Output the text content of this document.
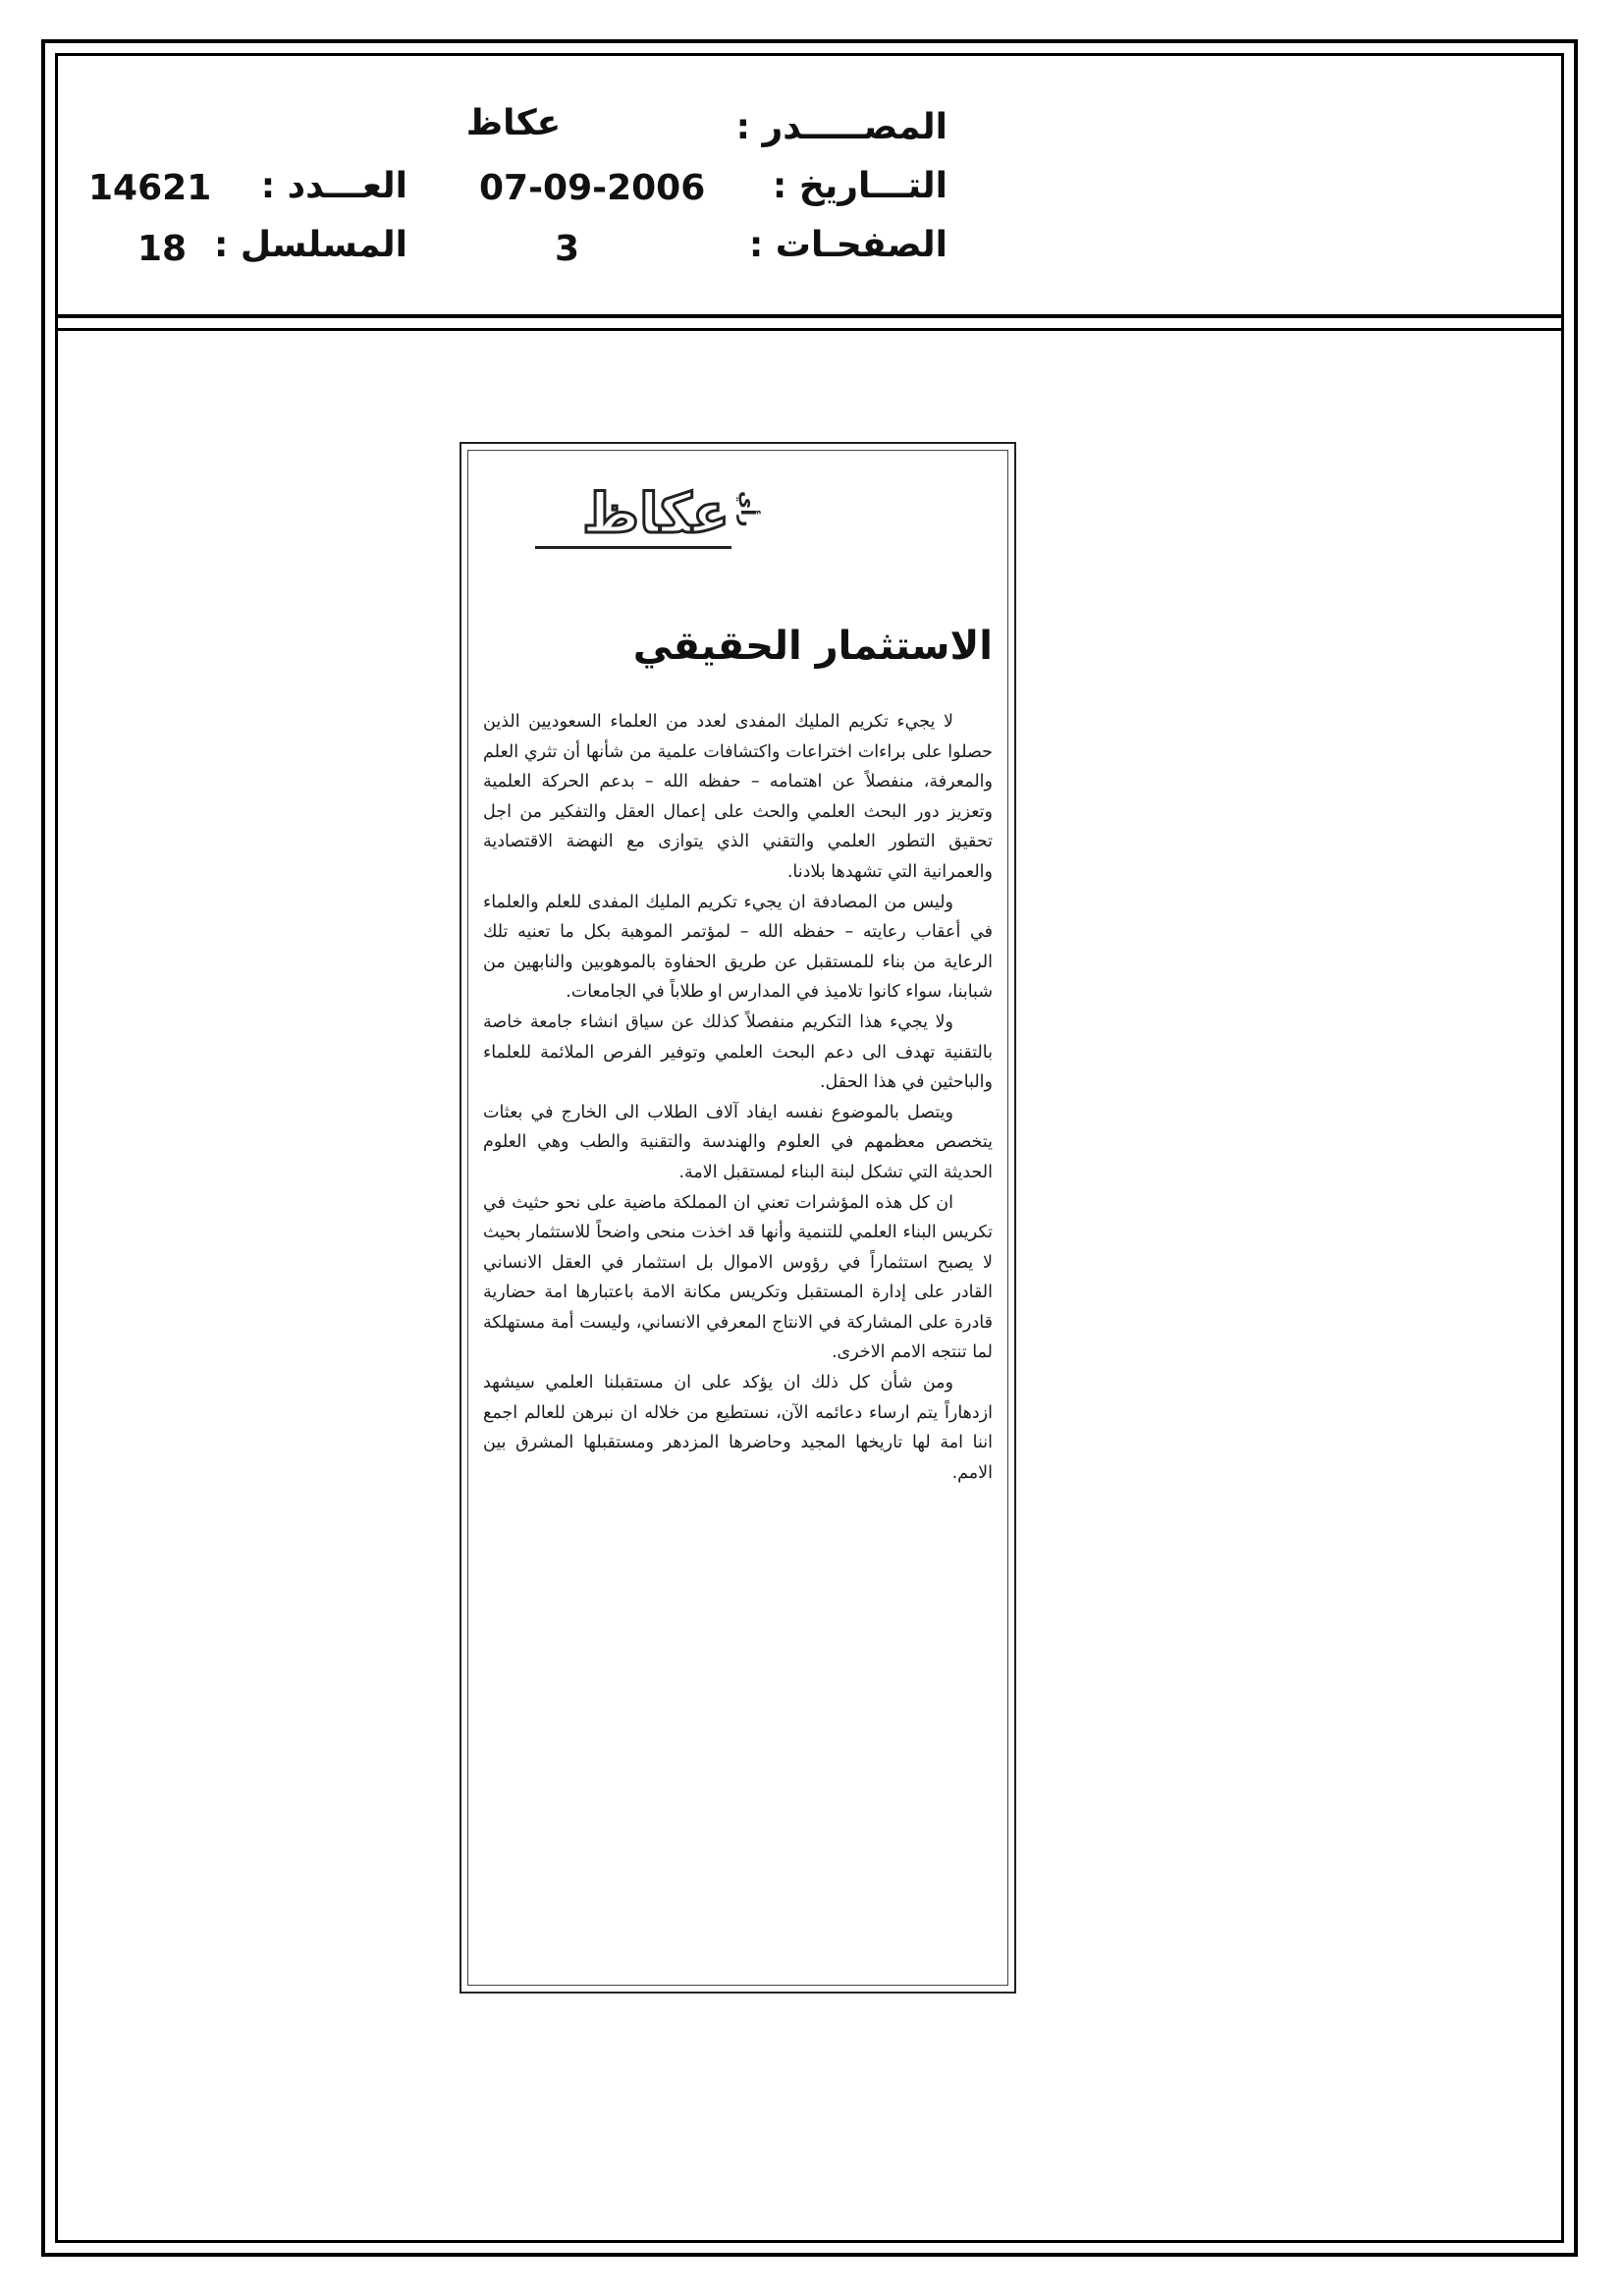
المصـــــدر :
عكاظ
التـــاريخ :
07-09-2006
العـــدد :
14621
الصفحـات :
3
المسلسل :
18
عكاظ رأي
الاستثمار الحقيقي

لا يجيء تكريم المليك المفدى لعدد من العلماء السعوديين الذين حصلوا على براءات اختراعات واكتشافات علمية من شأنها أن تثري العلم والمعرفة، منفصلاً عن اهتمامه – حفظه الله – بدعم الحركة العلمية وتعزيز دور البحث العلمي والحث على إعمال العقل والتفكير من اجل تحقيق التطور العلمي والتقني الذي يتوازى مع النهضة الاقتصادية والعمرانية التي تشهدها بلادنا.

وليس من المصادفة ان يجيء تكريم المليك المفدى للعلم والعلماء في أعقاب رعايته – حفظه الله – لمؤتمر الموهبة بكل ما تعنيه تلك الرعاية من بناء للمستقبل عن طريق الحفاوة بالموهوبين والنابهين من شبابنا، سواء كانوا تلاميذ في المدارس او طلاباً في الجامعات.

ولا يجيء هذا التكريم منفصلاً كذلك عن سياق انشاء جامعة خاصة بالتقنية تهدف الى دعم البحث العلمي وتوفير الفرص الملائمة للعلماء والباحثين في هذا الحقل.

ويتصل بالموضوع نفسه ايفاد آلاف الطلاب الى الخارج في بعثات يتخصص معظمهم في العلوم والهندسة والتقنية والطب وهي العلوم الحديثة التي تشكل لبنة البناء لمستقبل الامة.

ان كل هذه المؤشرات تعني ان المملكة ماضية على نحو حثيث في تكريس البناء العلمي للتنمية وأنها قد اخذت منحى واضحاً للاستثمار بحيث لا يصبح استثماراً في رؤوس الاموال بل استثمار في العقل الانساني القادر على إدارة المستقبل وتكريس مكانة الامة باعتبارها امة حضارية قادرة على المشاركة في الانتاج المعرفي الانساني، وليست أمة مستهلكة لما تنتجه الامم الاخرى.

ومن شأن كل ذلك ان يؤكد على ان مستقبلنا العلمي سيشهد ازدهاراً يتم ارساء دعائمه الآن، نستطيع من خلاله ان نبرهن للعالم اجمع اننا امة لها تاريخها المجيد وحاضرها المزدهر ومستقبلها المشرق بين الامم.
